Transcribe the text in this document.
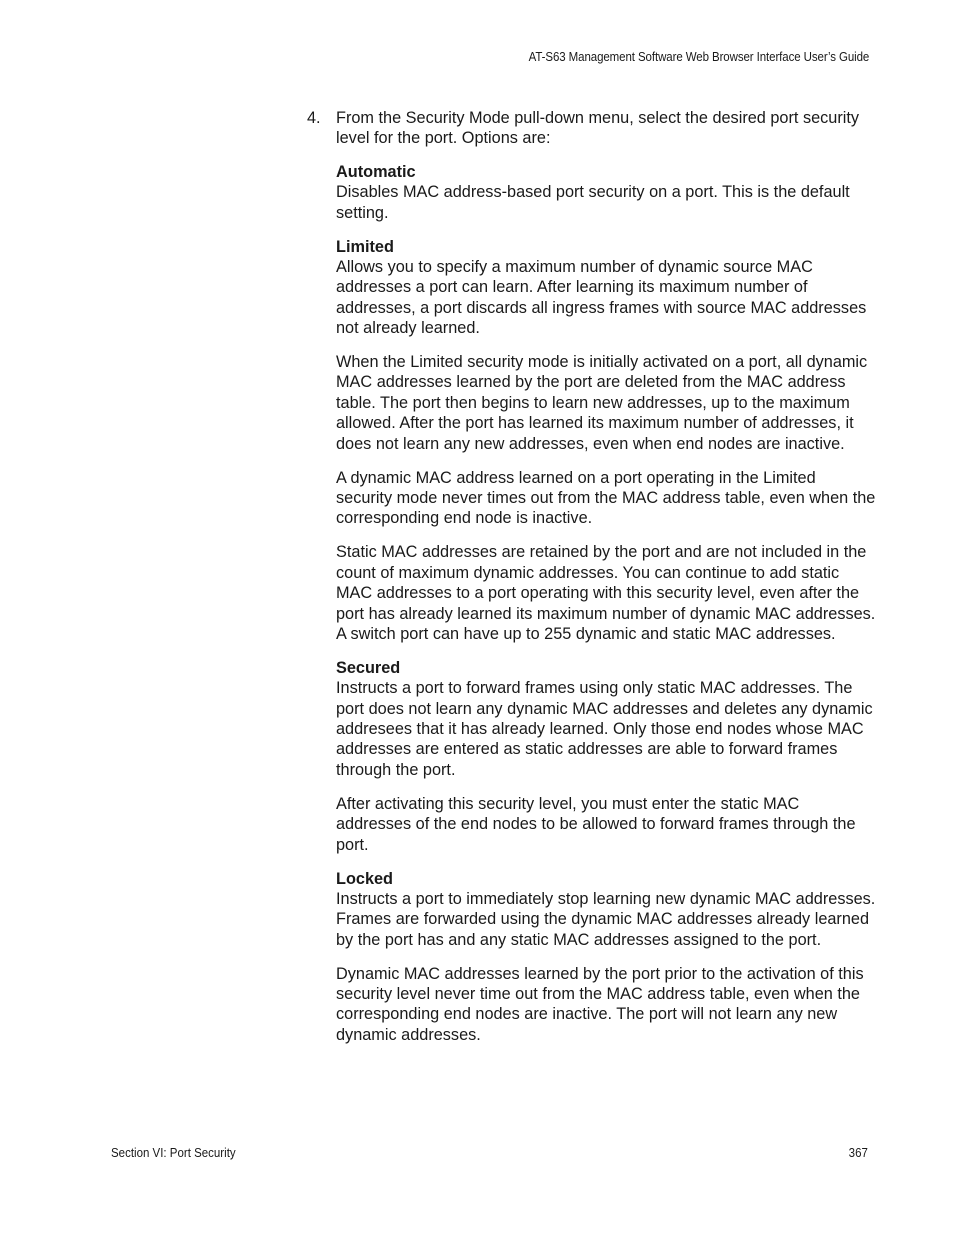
AT-S63 Management Software Web Browser Interface User’s Guide
4. From the Security Mode pull-down menu, select the desired port security level for the port. Options are:

Automatic

Disables MAC address-based port security on a port. This is the default setting.

Limited

Allows you to specify a maximum number of dynamic source MAC addresses a port can learn. After learning its maximum number of addresses, a port discards all ingress frames with source MAC addresses not already learned.

When the Limited security mode is initially activated on a port, all dynamic MAC addresses learned by the port are deleted from the MAC address table. The port then begins to learn new addresses, up to the maximum allowed. After the port has learned its maximum number of addresses, it does not learn any new addresses, even when end nodes are inactive.

A dynamic MAC address learned on a port operating in the Limited security mode never times out from the MAC address table, even when the corresponding end node is inactive.

Static MAC addresses are retained by the port and are not included in the count of maximum dynamic addresses. You can continue to add static MAC addresses to a port operating with this security level, even after the port has already learned its maximum number of dynamic MAC addresses. A switch port can have up to 255 dynamic and static MAC addresses.

Secured

Instructs a port to forward frames using only static MAC addresses. The port does not learn any dynamic MAC addresses and deletes any dynamic addresees that it has already learned. Only those end nodes whose MAC addresses are entered as static addresses are able to forward frames through the port.

After activating this security level, you must enter the static MAC addresses of the end nodes to be allowed to forward frames through the port.

Locked

Instructs a port to immediately stop learning new dynamic MAC addresses. Frames are forwarded using the dynamic MAC addresses already learned by the port has and any static MAC addresses assigned to the port.

Dynamic MAC addresses learned by the port prior to the activation of this security level never time out from the MAC address table, even when the corresponding end nodes are inactive. The port will not learn any new dynamic addresses.

Section VI: Port Security	367
